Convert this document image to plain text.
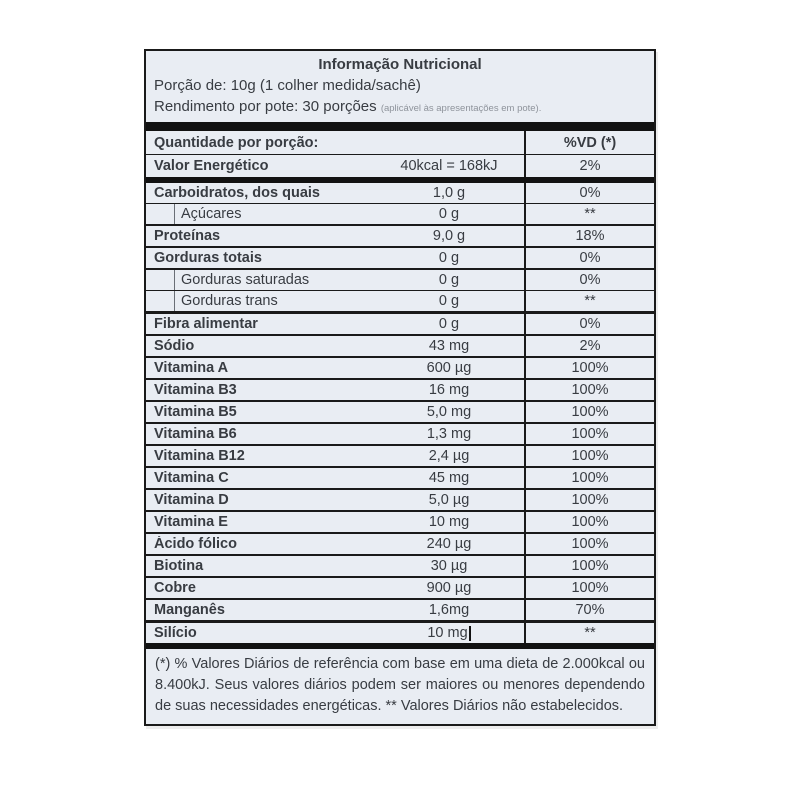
Informação Nutricional
Porção de: 10g (1 colher medida/sachê)
Rendimento por pote: 30 porções (aplicável às apresentações em pote).
Quantidade por porção:	%VD (*)
Valor Energético	40kcal = 168kJ	2%
Carboidratos, dos quais	1,0 g	0%
Açúcares	0 g	**
Proteínas	9,0 g	18%
Gorduras totais	0 g	0%
Gorduras saturadas	0 g	0%
Gorduras trans	0 g	**
Fibra alimentar	0 g	0%
Sódio	43 mg	2%
Vitamina A	600 µg	100%
Vitamina B3	16 mg	100%
Vitamina B5	5,0 mg	100%
Vitamina B6	1,3 mg	100%
Vitamina B12	2,4 µg	100%
Vitamina C	45 mg	100%
Vitamina D	5,0 µg	100%
Vitamina E	10 mg	100%
Ácido fólico	240 µg	100%
Biotina	30 µg	100%
Cobre	900 µg	100%
Manganês	1,6mg	70%
Silício	10 mg	**

(*) % Valores Diários de referência com base em uma dieta de 2.000kcal ou 8.400kJ. Seus valores diários podem ser maiores ou menores dependendo de suas necessidades energéticas. ** Valores Diários não estabelecidos.
